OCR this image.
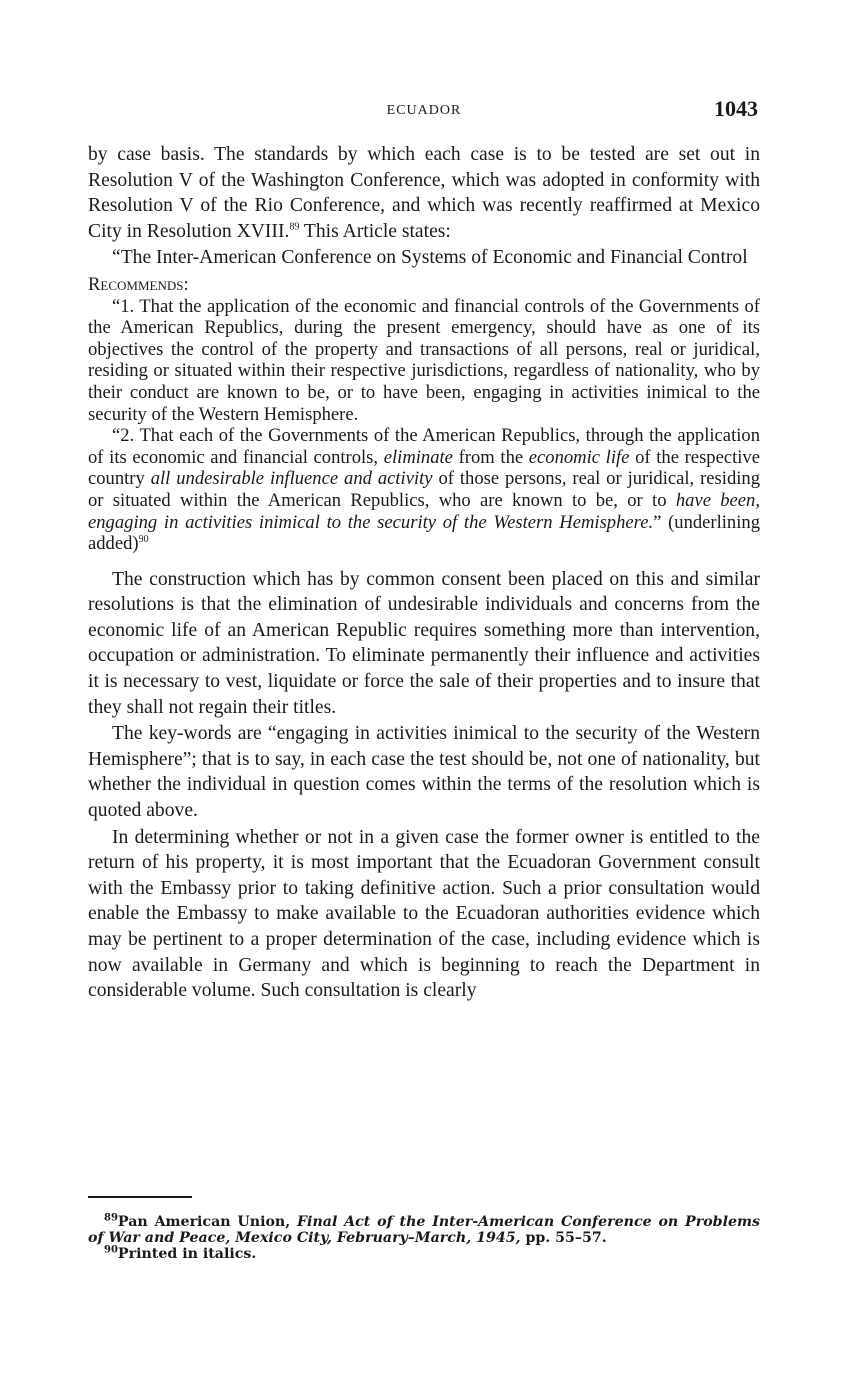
ECUADOR	1043

by case basis. The standards by which each case is to be tested are set out in Resolution V of the Washington Conference, which was adopted in conformity with Resolution V of the Rio Conference, and which was recently reaffirmed at Mexico City in Resolution XVIII.$^{89}$ This Article states:

“The Inter-American Conference on Systems of Economic and Financial Control

Recommends:

“1. That the application of the economic and financial controls of the Governments of the American Republics, during the present emergency, should have as one of its objectives the control of the property and transactions of all persons, real or juridical, residing or situated within their respective jurisdictions, regardless of nationality, who by their conduct are known to be, or to have been, engaging in activities inimical to the security of the Western Hemisphere.

“2. That each of the Governments of the American Republics, through the application of its economic and financial controls, eliminate from the economic life of the respective country all undesirable influence and activity of those persons, real or juridical, residing or situated within the American Republics, who are known to be, or to have been, engaging in activities inimical to the security of the Western Hemisphere.” (underlining added)$^{90}$

The construction which has by common consent been placed on this and similar resolutions is that the elimination of undesirable individuals and concerns from the economic life of an American Republic requires something more than intervention, occupation or administration. To eliminate permanently their influence and activities it is necessary to vest, liquidate or force the sale of their properties and to insure that they shall not regain their titles.

The key-words are “engaging in activities inimical to the security of the Western Hemisphere”; that is to say, in each case the test should be, not one of nationality, but whether the individual in question comes within the terms of the resolution which is quoted above.

In determining whether or not in a given case the former owner is entitled to the return of his property, it is most important that the Ecuadoran Government consult with the Embassy prior to taking definitive action. Such a prior consultation would enable the Embassy to make available to the Ecuadoran authorities evidence which may be pertinent to a proper determination of the case, including evidence which is now available in Germany and which is beginning to reach the Department in considerable volume. Such consultation is clearly

$^{89}$Pan American Union, Final Act of the Inter-American Conference on Problems of War and Peace, Mexico City, February–March, 1945, pp. 55–57.

$^{90}$Printed in italics.
